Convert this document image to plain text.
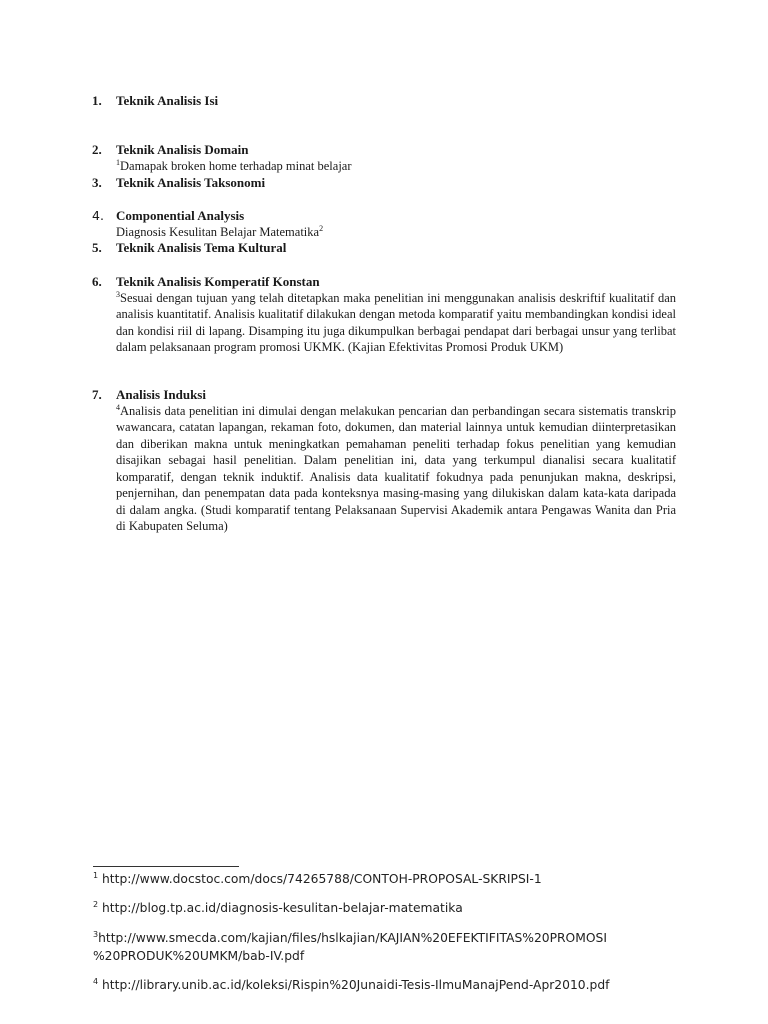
1. Teknik Analisis Isi
2. Teknik Analisis Domain
$^1$Damapak broken home terhadap minat belajar
3. Teknik Analisis Taksonomi
4. Componential Analysis
Diagnosis Kesulitan Belajar Matematika$^2$
5. Teknik Analisis Tema Kultural
6. Teknik Analisis Komperatif Konstan
$^3$Sesuai dengan tujuan yang telah ditetapkan maka penelitian ini menggunakan analisis deskriftif kualitatif dan analisis kuantitatif. Analisis kualitatif dilakukan dengan metoda komparatif yaitu membandingkan kondisi ideal dan kondisi riil di lapang. Disamping itu juga dikumpulkan berbagai pendapat dari berbagai unsur yang terlibat dalam pelaksanaan program promosi UKMK. (Kajian Efektivitas Promosi Produk UKM)
7. Analisis Induksi
$^4$Analisis data penelitian ini dimulai dengan melakukan pencarian dan perbandingan secara sistematis transkrip wawancara, catatan lapangan, rekaman foto, dokumen, dan material lainnya untuk kemudian diinterpretasikan dan diberikan makna untuk meningkatkan pemahaman peneliti terhadap fokus penelitian yang kemudian disajikan sebagai hasil penelitian. Dalam penelitian ini, data yang terkumpul dianalisi secara kualitatif komparatif, dengan teknik induktif. Analisis data kualitatif fokudnya pada penunjukan makna, deskripsi, penjernihan, dan penempatan data pada konteksnya masing-masing yang dilukiskan dalam kata-kata daripada di dalam angka. (Studi komparatif tentang Pelaksanaan Supervisi Akademik antara Pengawas Wanita dan Pria di Kabupaten Seluma)
$^1$ http://www.docstoc.com/docs/74265788/CONTOH-PROPOSAL-SKRIPSI-1
$^2$ http://blog.tp.ac.id/diagnosis-kesulitan-belajar-matematika
$^3$http://www.smecda.com/kajian/files/hslkajian/KAJIAN%20EFEKTIFITAS%20PROMOSI %20PRODUK%20UMKM/bab-IV.pdf
$^4$ http://library.unib.ac.id/koleksi/Rispin%20Junaidi-Tesis-IlmuManajPend-Apr2010.pdf
